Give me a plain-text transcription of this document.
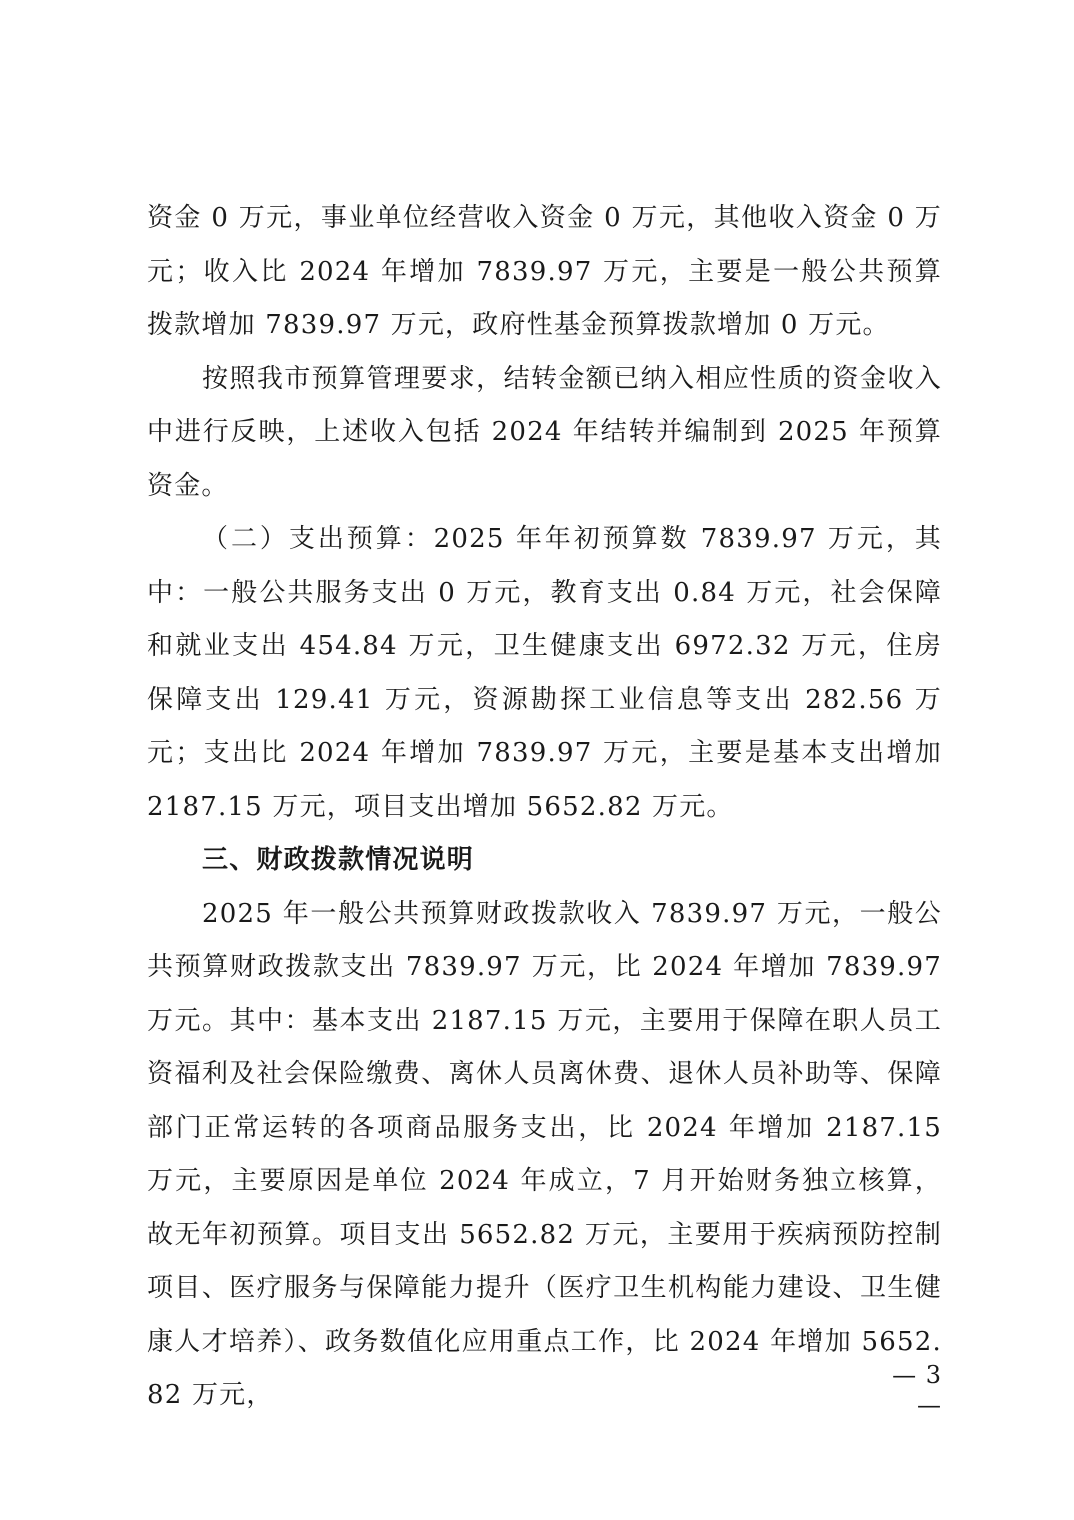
资金 0 万元，事业单位经营收入资金 0 万元，其他收入资金 0 万元；收入比 2024 年增加 7839.97 万元，主要是一般公共预算拨款增加 7839.97 万元，政府性基金预算拨款增加 0 万元。

按照我市预算管理要求，结转金额已纳入相应性质的资金收入中进行反映，上述收入包括 2024 年结转并编制到 2025 年预算资金。

（二）支出预算：2025 年年初预算数 7839.97 万元，其中：一般公共服务支出 0 万元，教育支出 0.84 万元，社会保障和就业支出 454.84 万元，卫生健康支出 6972.32 万元，住房保障支出 129.41 万元，资源勘探工业信息等支出 282.56 万元；支出比 2024 年增加 7839.97 万元，主要是基本支出增加 2187.15 万元，项目支出增加 5652.82 万元。

三、财政拨款情况说明

2025 年一般公共预算财政拨款收入 7839.97 万元，一般公共预算财政拨款支出 7839.97 万元，比 2024 年增加 7839.97 万元。其中：基本支出 2187.15 万元，主要用于保障在职人员工资福利及社会保险缴费、离休人员离休费、退休人员补助等、保障部门正常运转的各项商品服务支出，比 2024 年增加 2187.15 万元，主要原因是单位 2024 年成立，7 月开始财务独立核算，故无年初预算。项目支出 5652.82 万元，主要用于疾病预防控制项目、医疗服务与保障能力提升（医疗卫生机构能力建设、卫生健康人才培养）、政务数值化应用重点工作，比 2024 年增加 5652.82 万元，

— 3 —
